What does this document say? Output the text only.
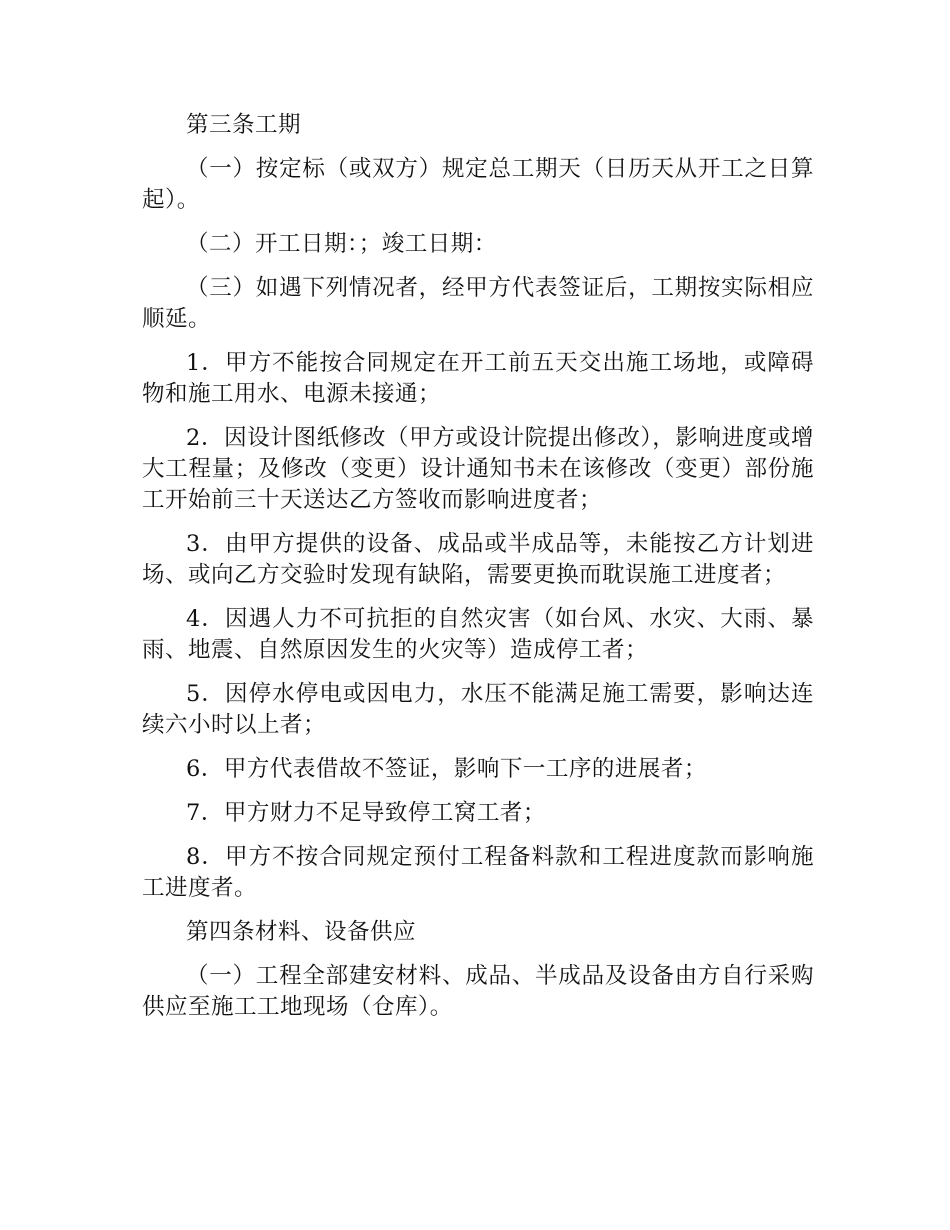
第三条工期

（一）按定标（或双方）规定总工期天（日历天从开工之日算起）。

（二）开工日期：；竣工日期：

（三）如遇下列情况者，经甲方代表签证后，工期按实际相应顺延。

1．甲方不能按合同规定在开工前五天交出施工场地，或障碍物和施工用水、电源未接通；

2．因设计图纸修改（甲方或设计院提出修改），影响进度或增大工程量；及修改（变更）设计通知书未在该修改（变更）部份施工开始前三十天送达乙方签收而影响进度者；

3．由甲方提供的设备、成品或半成品等，未能按乙方计划进场、或向乙方交验时发现有缺陷，需要更换而耽误施工进度者；

4．因遇人力不可抗拒的自然灾害（如台风、水灾、大雨、暴雨、地震、自然原因发生的火灾等）造成停工者；

5．因停水停电或因电力，水压不能满足施工需要，影响达连续六小时以上者；

6．甲方代表借故不签证，影响下一工序的进展者；

7．甲方财力不足导致停工窝工者；

8．甲方不按合同规定预付工程备料款和工程进度款而影响施工进度者。

第四条材料、设备供应

（一）工程全部建安材料、成品、半成品及设备由方自行采购供应至施工工地现场（仓库）。
